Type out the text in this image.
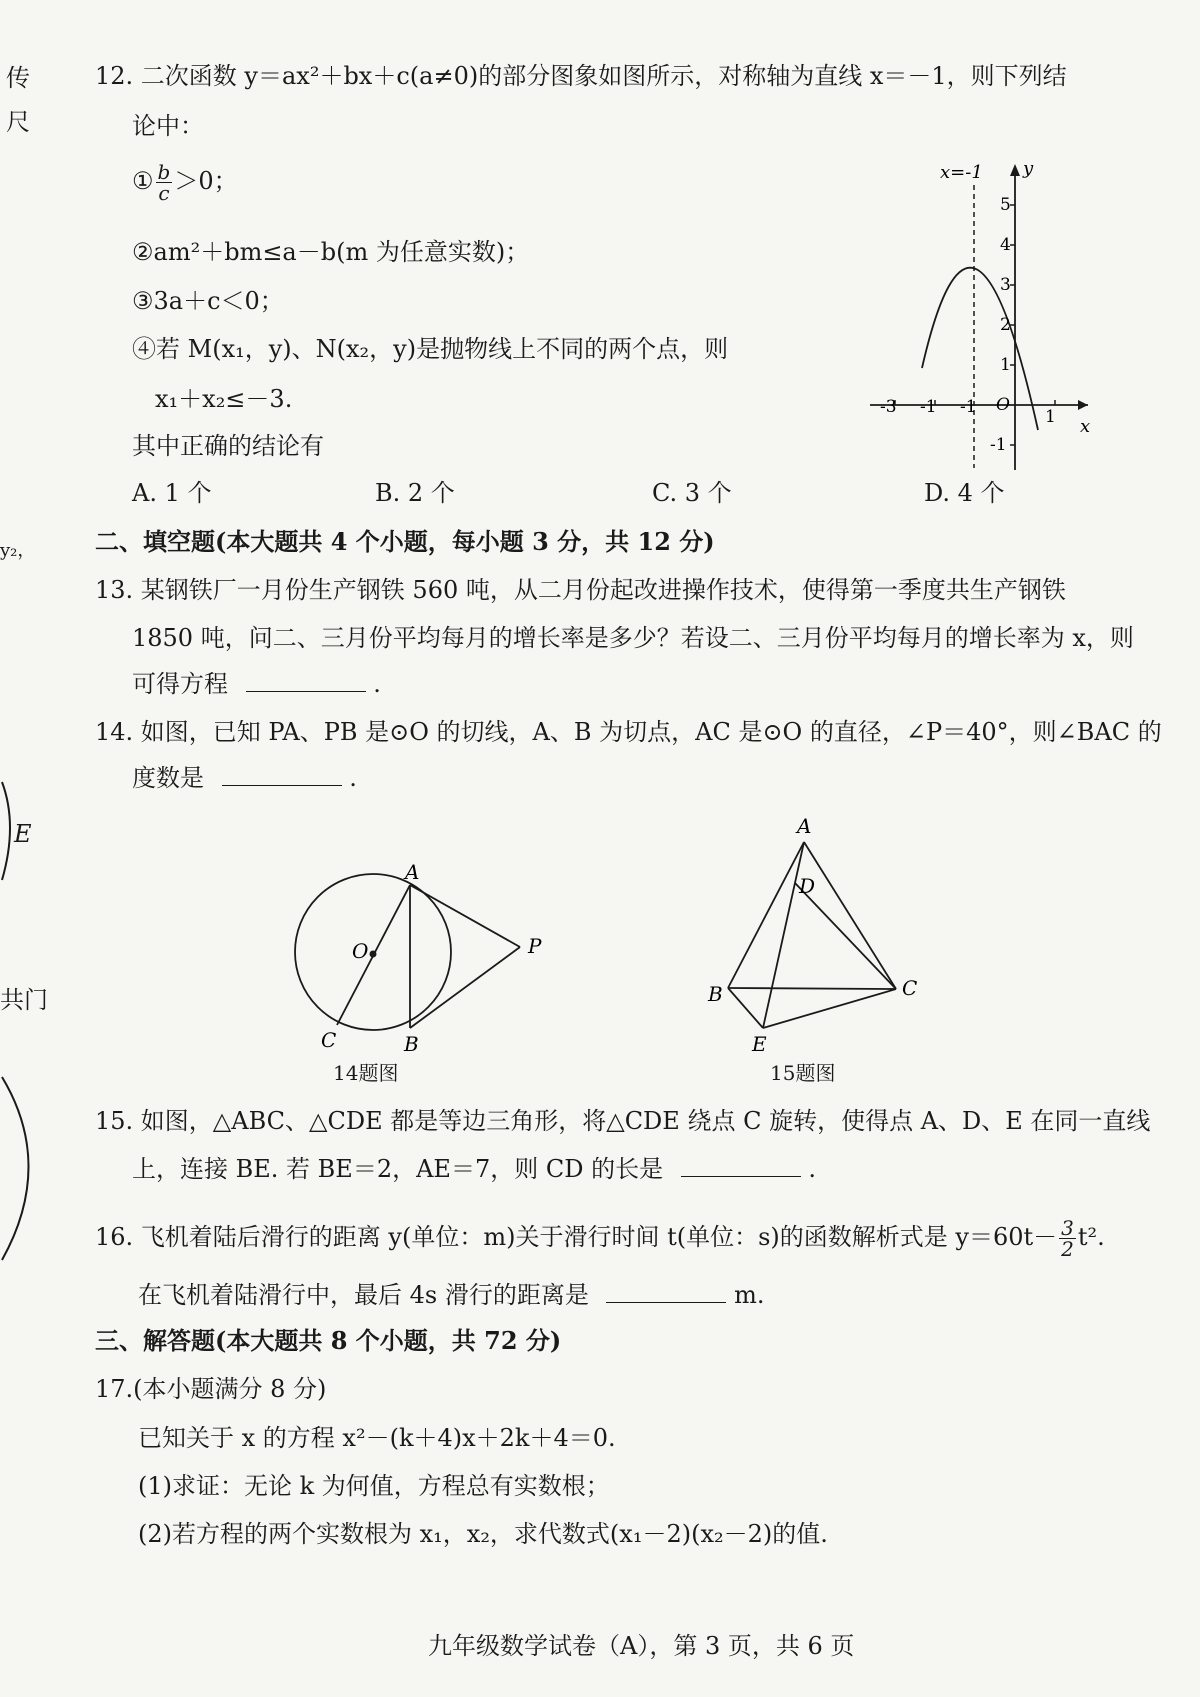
传
尺
y₂，
E
共门
12. 二次函数 y＝ax²＋bx＋c(a≠0)的部分图象如图所示，对称轴为直线 x＝－1，则下列结
论中：
① $\frac{b}{c} >0$；
②am²＋bm≤a－b(m 为任意实数)；
③3a＋c＜0；
④若 M(x₁，y)、N(x₂，y)是抛物线上不同的两个点，则
x₁＋x₂≤－3.
其中正确的结论有
A. 1 个	B. 2 个	C. 3 个	D. 4 个
x=-1 y
x
O
5
4
3
2
1
-1
-3 -1 -1	1
二、填空题(本大题共 4 个小题，每小题 3 分，共 12 分)
13. 某钢铁厂一月份生产钢铁 560 吨，从二月份起改进操作技术，使得第一季度共生产钢铁
1850 吨，问二、三月份平均每月的增长率是多少？若设二、三月份平均每月的增长率为 x，则
可得方程	.
14. 如图，已知 PA、PB 是⊙O 的切线，A、B 为切点，AC 是⊙O 的直径，∠P＝40°，则∠BAC 的
度数是	.
A
O	P
C	B
14题图
A
D
B	C
E
15题图
15. 如图，△ABC、△CDE 都是等边三角形，将△CDE 绕点 C 旋转，使得点 A、D、E 在同一直线
上，连接 BE. 若 BE＝2，AE＝7，则 CD 的长是	.
16. 飞机着陆后滑行的距离 y(单位：m)关于滑行时间 t(单位：s)的函数解析式是 $y=60t- \frac{3}{2} t^2$.
在飞机着陆滑行中，最后 4s 滑行的距离是	m.
三、解答题(本大题共 8 个小题，共 72 分)
17.(本小题满分 8 分)
已知关于 x 的方程 x²－(k＋4)x＋2k＋4＝0.
(1)求证：无论 k 为何值，方程总有实数根；
(2)若方程的两个实数根为 x₁，x₂，求代数式(x₁－2)(x₂－2)的值.
九年级数学试卷（A），第 3 页，共 6 页
